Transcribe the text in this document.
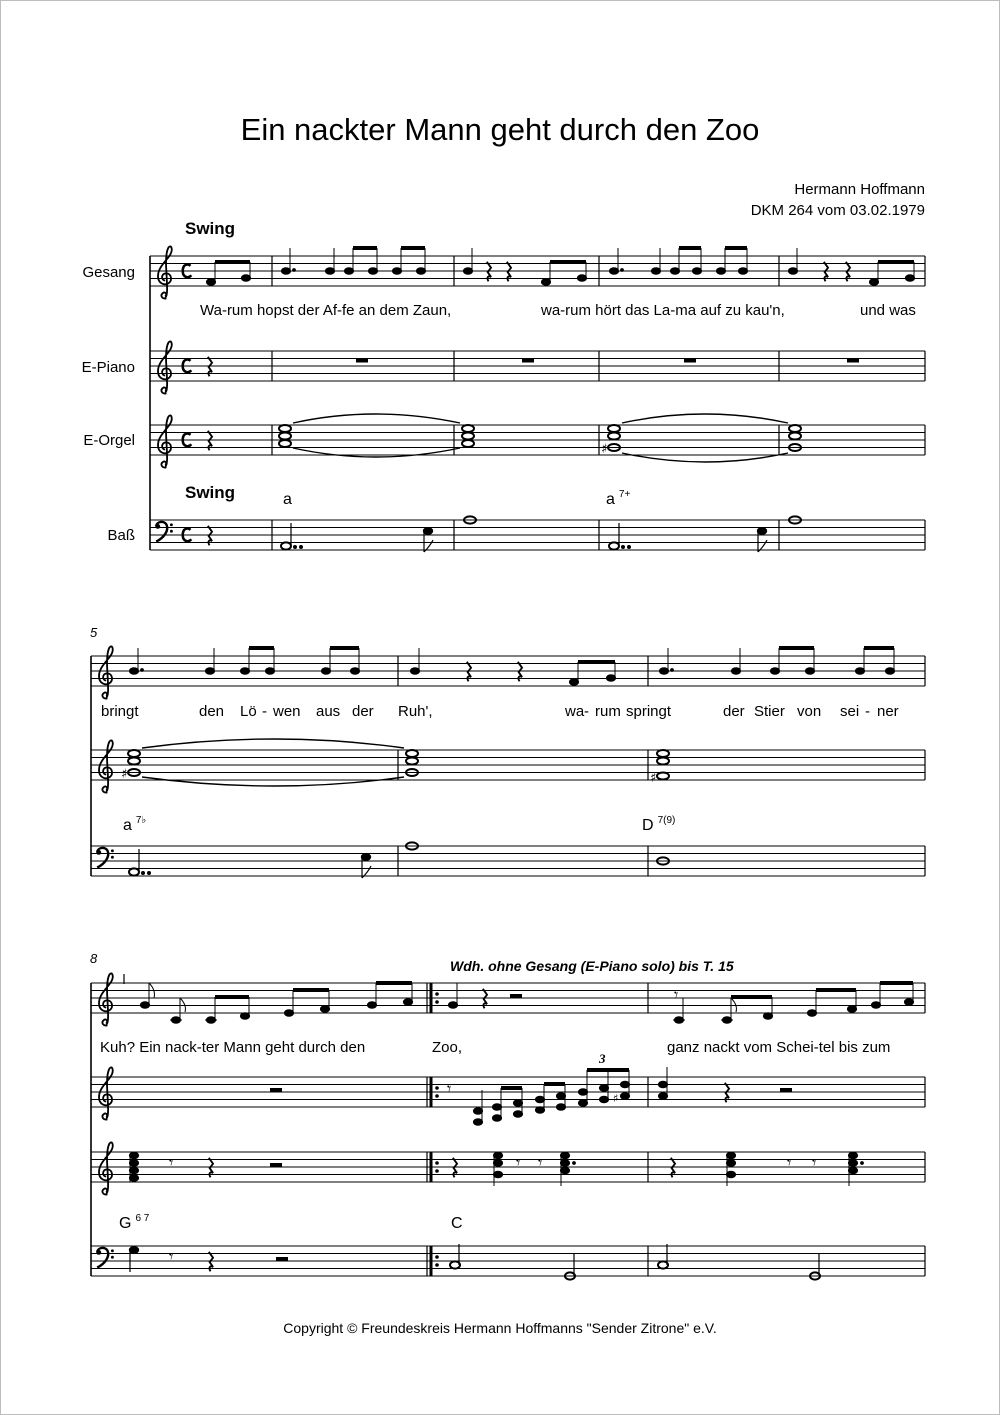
Ein nackter Mann geht durch den Zoo
Hermann Hoffmann
DKM 264 vom 03.02.1979
Gesang
E-Piano
E-Orgel
Baß
Swing
Swing
Wa-rum hopst der Af-fe an dem Zaun,	wa-rum hört das La-ma auf zu kau'n,	und was
bringt	den Lö - wen aus der Ruh',	wa - rum springt	der Stier von sei - ner
Kuh? Ein nack-ter Mann geht durch den	Zoo,	ganz nackt vom Schei-tel bis zum
a	a $^{7+}$
a $^{7♭}$	D $^{7(9)}$
G $^{6 7}$	C
5
8	Wdh. ohne Gesang (E-Piano solo) bis T. 15
Copyright © Freundeskreis Hermann Hoffmanns "Sender Zitrone" e.V.
♯
♯	♯
𝄾
𝄾
3
♯
𝄾	𝄾 𝄾	𝄾 𝄾
𝄾
